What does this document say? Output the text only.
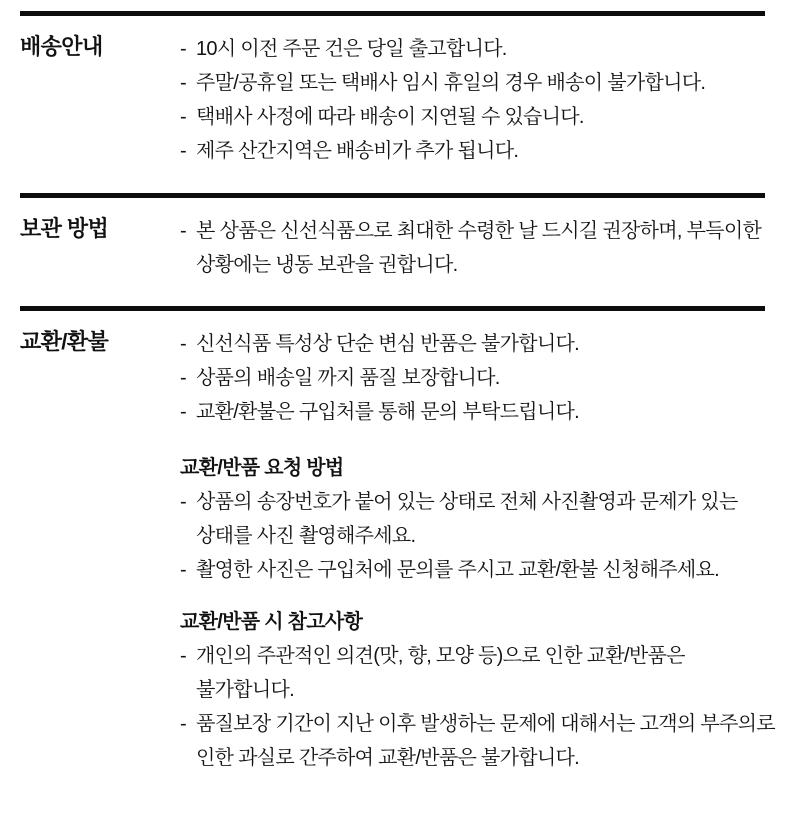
배송안내	- 10시 이전 주문 건은 당일 출고합니다.
- 주말/공휴일 또는 택배사 임시 휴일의 경우 배송이 불가합니다.
- 택배사 사정에 따라 배송이 지연될 수 있습니다.
- 제주 산간지역은 배송비가 추가 됩니다.
보관 방법	- 본 상품은 신선식품으로 최대한 수령한 날 드시길 권장하며, 부득이한 상황에는 냉동 보관을 권합니다.
교환/환불	- 신선식품 특성상 단순 변심 반품은 불가합니다.
- 상품의 배송일 까지 품질 보장합니다.
- 교환/환불은 구입처를 통해 문의 부탁드립니다.
교환/반품 요청 방법
- 상품의 송장번호가 붙어 있는 상태로 전체 사진촬영과 문제가 있는 상태를 사진 촬영해주세요.
- 촬영한 사진은 구입처에 문의를 주시고 교환/환불 신청해주세요.
교환/반품 시 참고사항
- 개인의 주관적인 의견(맛, 향, 모양 등)으로 인한 교환/반품은 불가합니다.
- 품질보장 기간이 지난 이후 발생하는 문제에 대해서는 고객의 부주의로 인한 과실로 간주하여 교환/반품은 불가합니다.
